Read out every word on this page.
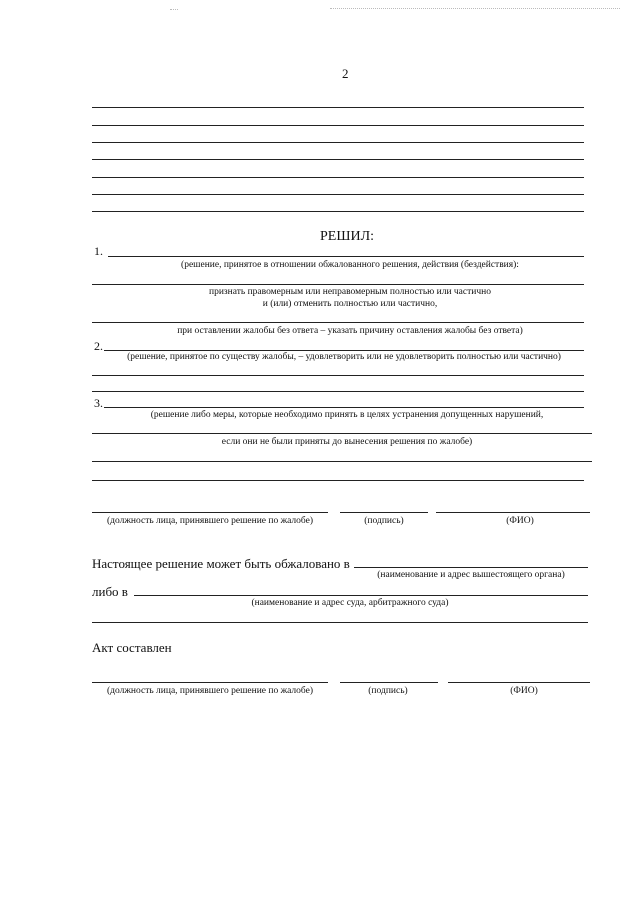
2
РЕШИЛ:
1.
(решение, принятое в отношении обжалованного решения, действия (бездействия):
признать правомерным или неправомерным полностью или частично
и (или) отменить полностью или частично,
при оставлении жалобы без ответа – указать причину оставления жалобы без ответа)
2.
(решение, принятое по существу жалобы, – удовлетворить или не удовлетворить полностью или частично)
3.
(решение либо меры, которые необходимо принять в целях устранения допущенных нарушений,
если они не были приняты до вынесения решения по жалобе)
(должность лица, принявшего решение по жалобе)	(подпись)	(ФИО)
Настоящее решение может быть обжаловано в
(наименование и адрес вышестоящего органа)
либо в
(наименование и адрес суда, арбитражного суда)
Акт составлен
(должность лица, принявшего решение по жалобе)	(подпись)	(ФИО)
